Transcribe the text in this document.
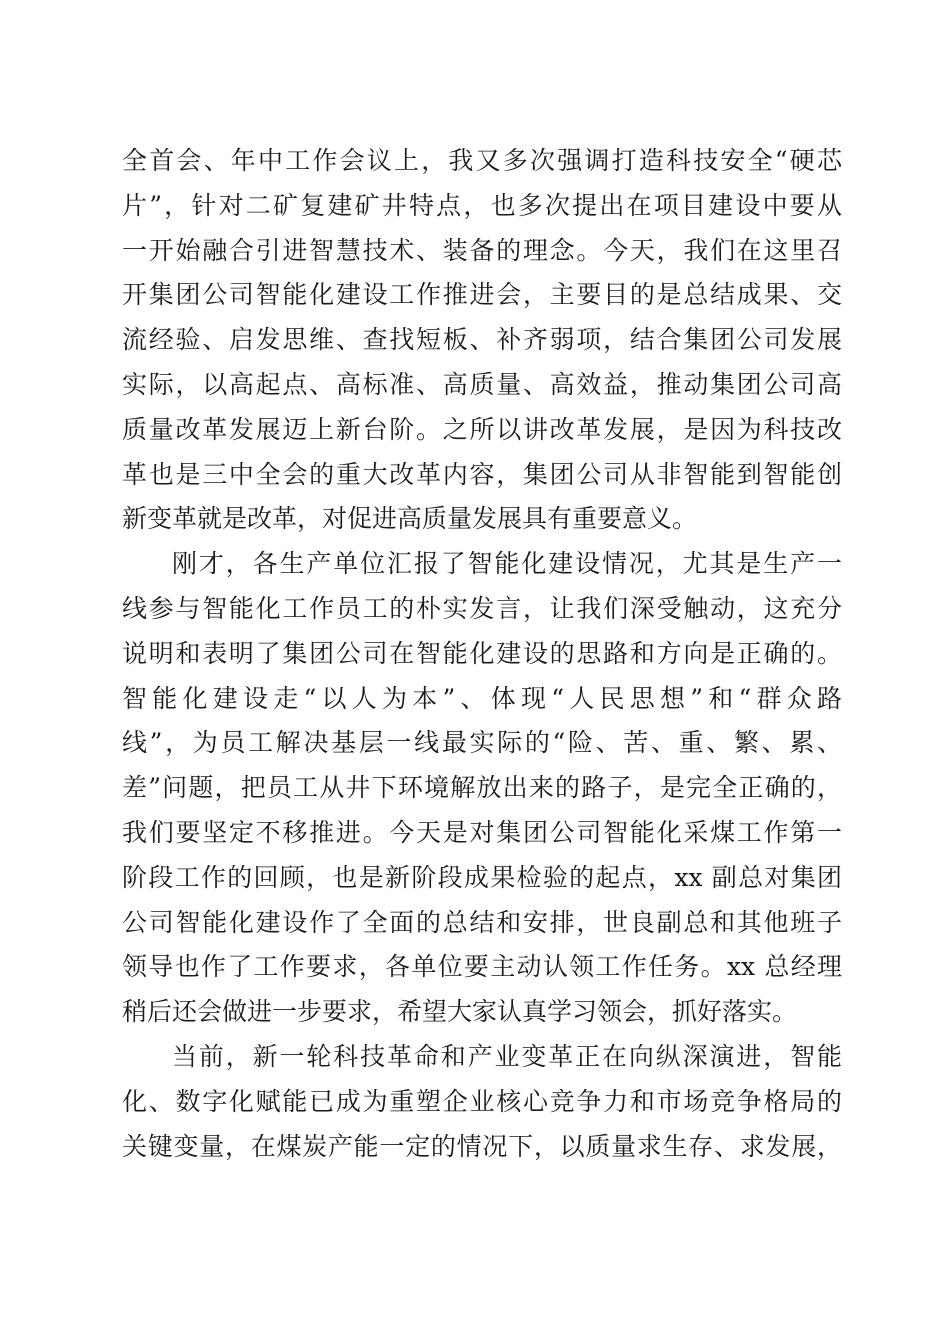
全首会、年中工作会议上，我又多次强调打造科技安全“硬芯
片”，针对二矿复建矿井特点，也多次提出在项目建设中要从
一开始融合引进智慧技术、装备的理念。今天，我们在这里召
开集团公司智能化建设工作推进会，主要目的是总结成果、交
流经验、启发思维、查找短板、补齐弱项，结合集团公司发展
实际，以高起点、高标准、高质量、高效益，推动集团公司高
质量改革发展迈上新台阶。之所以讲改革发展，是因为科技改
革也是三中全会的重大改革内容，集团公司从非智能到智能创
新变革就是改革，对促进高质量发展具有重要意义。
刚才，各生产单位汇报了智能化建设情况，尤其是生产一
线参与智能化工作员工的朴实发言，让我们深受触动，这充分
说明和表明了集团公司在智能化建设的思路和方向是正确的。
智能化建设走“以人为本”、体现“人民思想”和“群众路
线”，为员工解决基层一线最实际的“险、苦、重、繁、累、
差”问题，把员工从井下环境解放出来的路子，是完全正确的，
我们要坚定不移推进。今天是对集团公司智能化采煤工作第一
阶段工作的回顾，也是新阶段成果检验的起点，xx 副总对集团
公司智能化建设作了全面的总结和安排，世良副总和其他班子
领导也作了工作要求，各单位要主动认领工作任务。xx 总经理
稍后还会做进一步要求，希望大家认真学习领会，抓好落实。
当前，新一轮科技革命和产业变革正在向纵深演进，智能
化、数字化赋能已成为重塑企业核心竞争力和市场竞争格局的
关键变量，在煤炭产能一定的情况下，以质量求生存、求发展，
